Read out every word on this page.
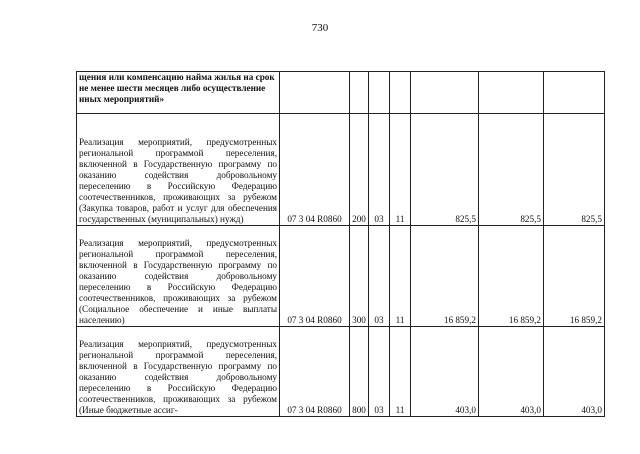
730
щения или компенсацию найма жилья на срок не менее шести месяцев либо осуществление иных мероприятий»							
Реализация мероприятий, предусмотренных региональной программой переселения, включенной в Государственную программу по оказанию содействия добровольному переселению в Российскую Федерацию соотечественников, проживающих за рубежом (Закупка товаров, работ и услуг для обеспечения государственных (муниципальных) нужд)	07 3 04 R0860	200	03	11	825,5	825,5	825,5
Реализация мероприятий, предусмотренных региональной программой переселения, включенной в Государственную программу по оказанию содействия добровольному переселению в Российскую Федерацию соотечественников, проживающих за рубежом (Социальное обеспечение и иные выплаты населению)	07 3 04 R0860	300	03	11	16 859,2	16 859,2	16 859,2
Реализация мероприятий, предусмотренных региональной программой переселения, включенной в Государственную программу по оказанию содействия добровольному переселению в Российскую Федерацию соотечественников, проживающих за рубежом (Иные бюджетные ассиг-	07 3 04 R0860	800	03	11	403,0	403,0	403,0
